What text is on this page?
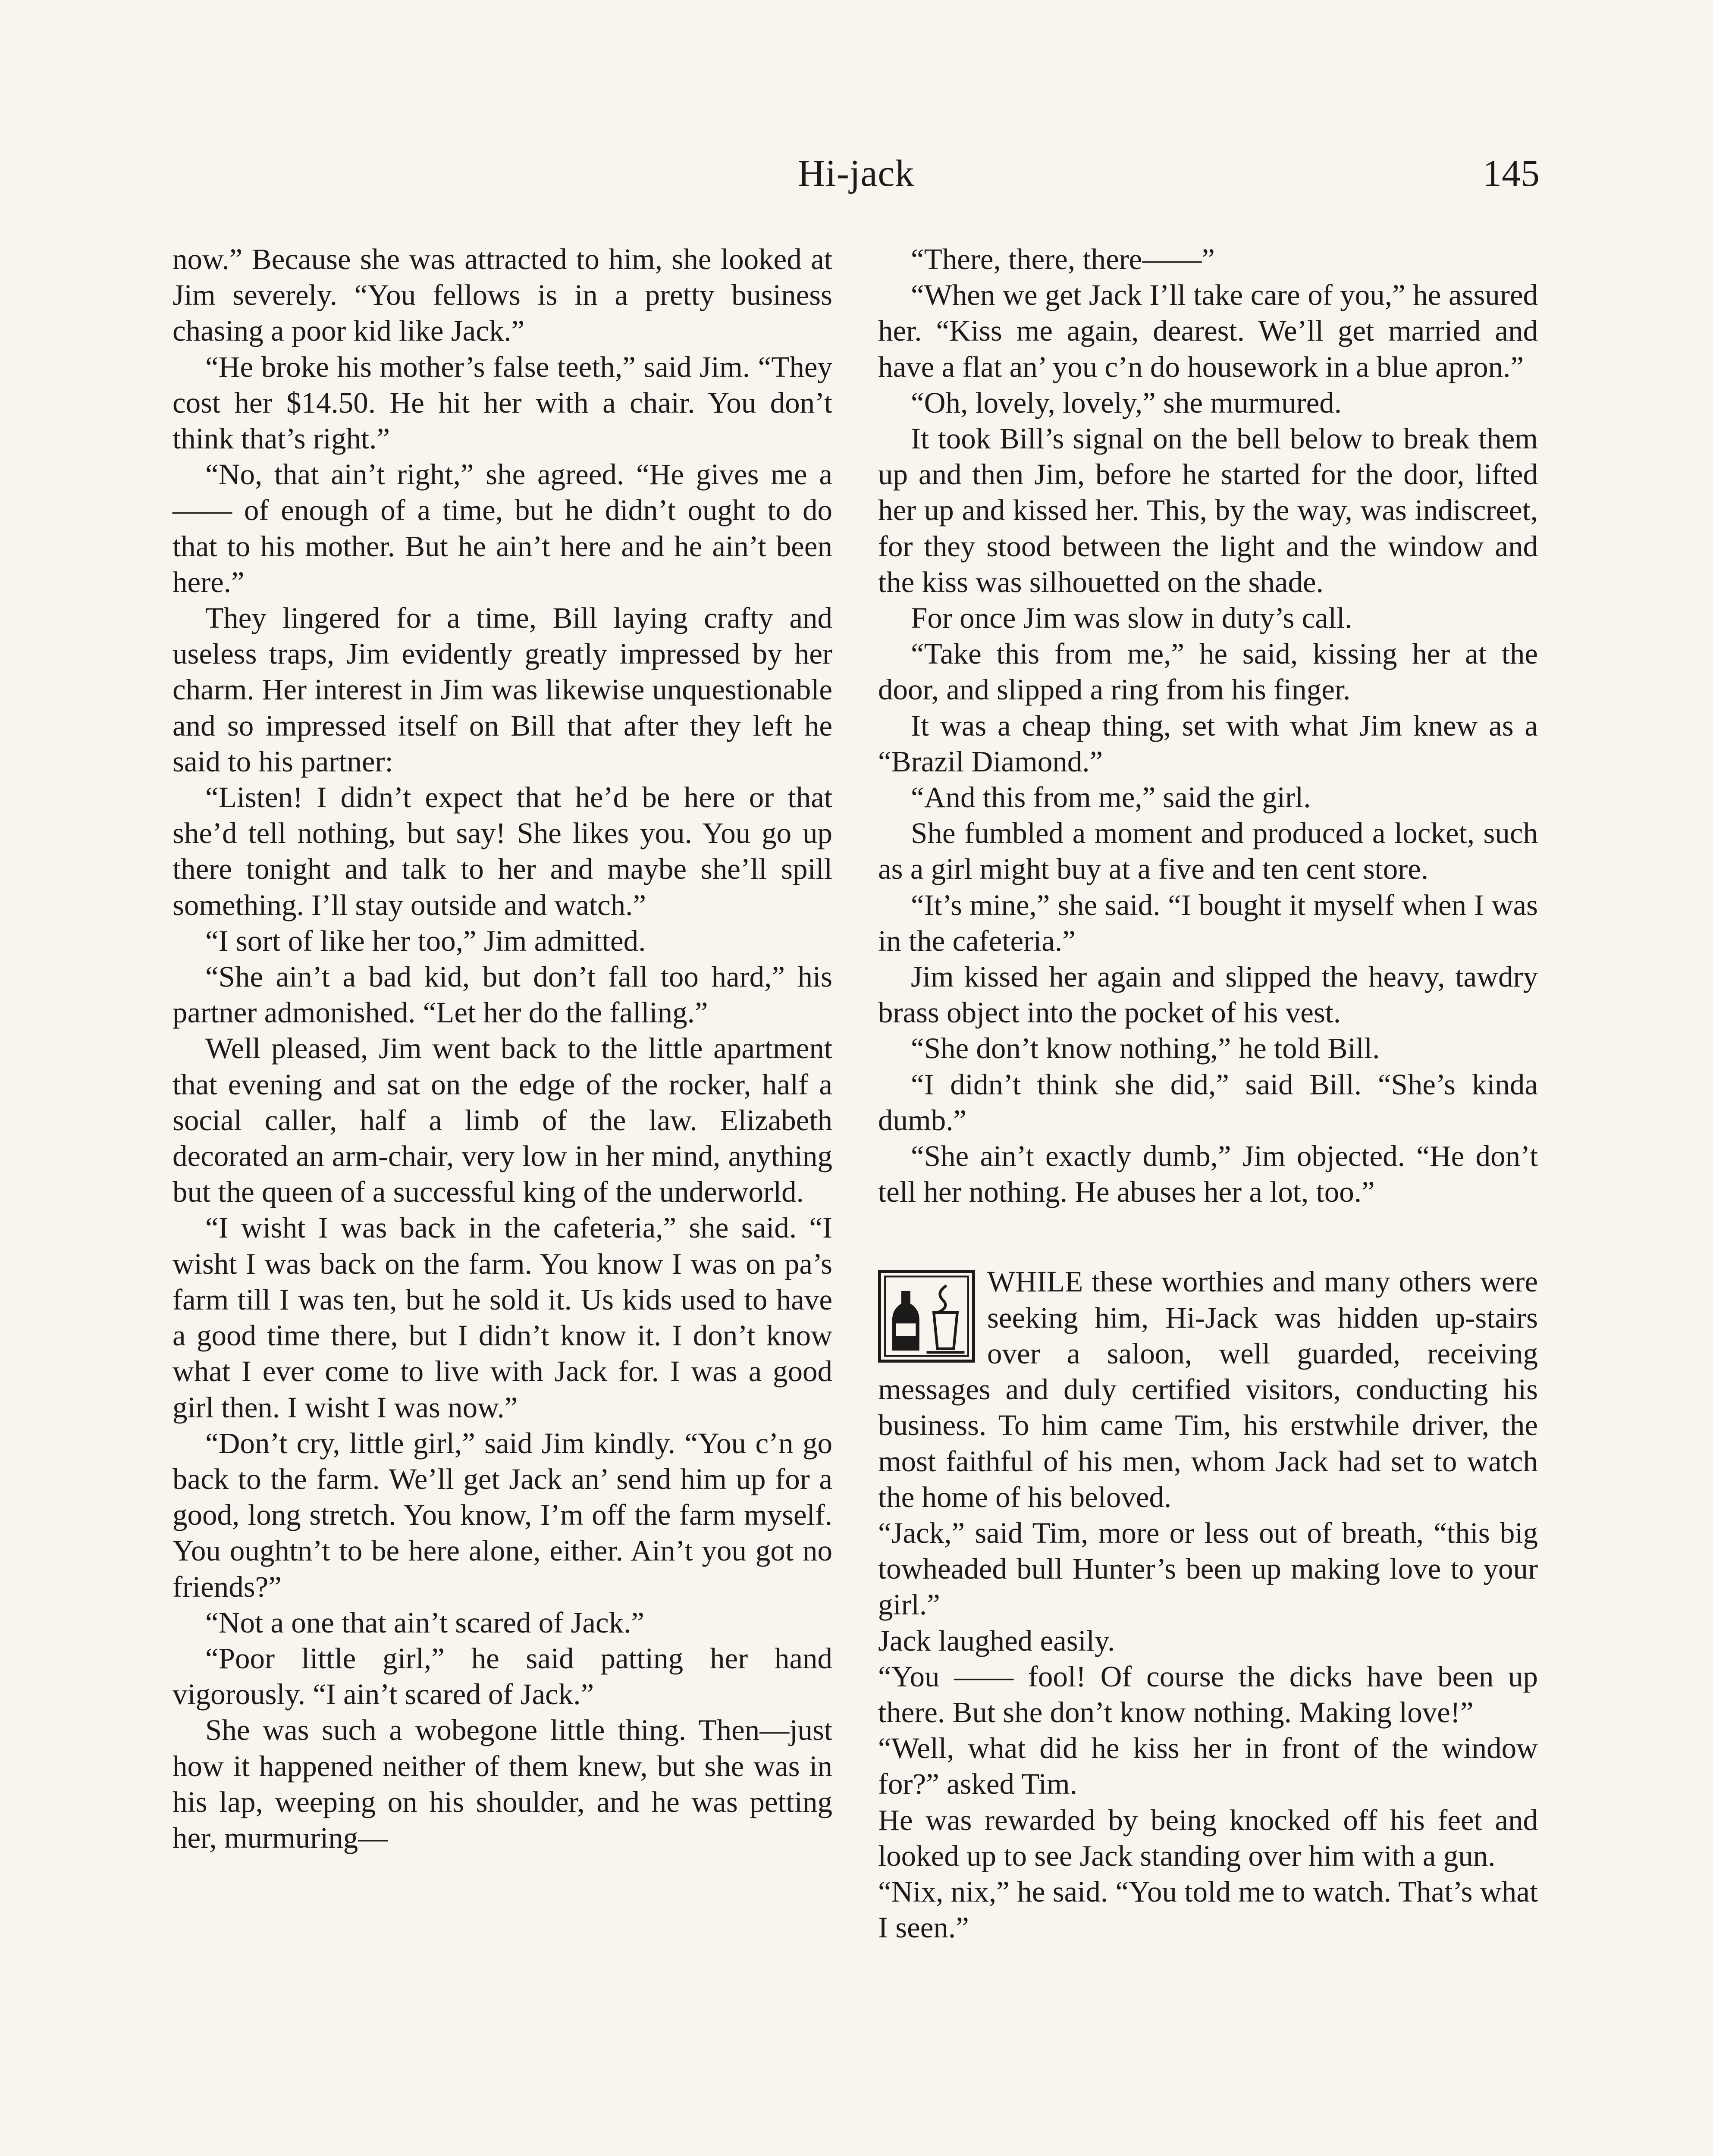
Hi-jack	145

now.” Because she was attracted to him, she looked at Jim severely. “You fellows is in a pretty business chasing a poor kid like Jack.”

“He broke his mother’s false teeth,” said Jim. “They cost her $14.50. He hit her with a chair. You don’t think that’s right.”

“No, that ain’t right,” she agreed. “He gives me a —— of enough of a time, but he didn’t ought to do that to his mother. But he ain’t here and he ain’t been here.”

They lingered for a time, Bill laying crafty and useless traps, Jim evidently greatly impressed by her charm. Her interest in Jim was likewise unquestionable and so impressed itself on Bill that after they left he said to his partner:

“Listen! I didn’t expect that he’d be here or that she’d tell nothing, but say! She likes you. You go up there tonight and talk to her and maybe she’ll spill something. I’ll stay outside and watch.”

“I sort of like her too,” Jim admitted.

“She ain’t a bad kid, but don’t fall too hard,” his partner admonished. “Let her do the falling.”

Well pleased, Jim went back to the little apartment that evening and sat on the edge of the rocker, half a social caller, half a limb of the law. Elizabeth decorated an arm-chair, very low in her mind, anything but the queen of a successful king of the underworld.

“I wisht I was back in the cafeteria,” she said. “I wisht I was back on the farm. You know I was on pa’s farm till I was ten, but he sold it. Us kids used to have a good time there, but I didn’t know it. I don’t know what I ever come to live with Jack for. I was a good girl then. I wisht I was now.”

“Don’t cry, little girl,” said Jim kindly. “You c’n go back to the farm. We’ll get Jack an’ send him up for a good, long stretch. You know, I’m off the farm myself. You oughtn’t to be here alone, either. Ain’t you got no friends?”

“Not a one that ain’t scared of Jack.”

“Poor little girl,” he said patting her hand vigorously. “I ain’t scared of Jack.”

She was such a wobegone little thing. Then—just how it happened neither of them knew, but she was in his lap, weeping on his shoulder, and he was petting her, murmuring—

“There, there, there——”

“When we get Jack I’ll take care of you,” he assured her. “Kiss me again, dearest. We’ll get married and have a flat an’ you c’n do housework in a blue apron.”

“Oh, lovely, lovely,” she murmured.

It took Bill’s signal on the bell below to break them up and then Jim, before he started for the door, lifted her up and kissed her. This, by the way, was indiscreet, for they stood between the light and the window and the kiss was silhouetted on the shade.

For once Jim was slow in duty’s call.

“Take this from me,” he said, kissing her at the door, and slipped a ring from his finger.

It was a cheap thing, set with what Jim knew as a “Brazil Diamond.”

“And this from me,” said the girl.

She fumbled a moment and produced a locket, such as a girl might buy at a five and ten cent store.

“It’s mine,” she said. “I bought it myself when I was in the cafeteria.”

Jim kissed her again and slipped the heavy, tawdry brass object into the pocket of his vest.

“She don’t know nothing,” he told Bill.

“I didn’t think she did,” said Bill. “She’s kinda dumb.”

“She ain’t exactly dumb,” Jim objected. “He don’t tell her nothing. He abuses her a lot, too.”

WHILE these worthies and many others were seeking him, Hi-Jack was hidden up-stairs over a saloon, well guarded, receiving messages and duly certified visitors, conducting his business. To him came Tim, his erstwhile driver, the most faithful of his men, whom Jack had set to watch the home of his beloved.

“Jack,” said Tim, more or less out of breath, “this big towheaded bull Hunter’s been up making love to your girl.”

Jack laughed easily.

“You —— fool! Of course the dicks have been up there. But she don’t know nothing. Making love!”

“Well, what did he kiss her in front of the window for?” asked Tim.

He was rewarded by being knocked off his feet and looked up to see Jack standing over him with a gun.

“Nix, nix,” he said. “You told me to watch. That’s what I seen.”
